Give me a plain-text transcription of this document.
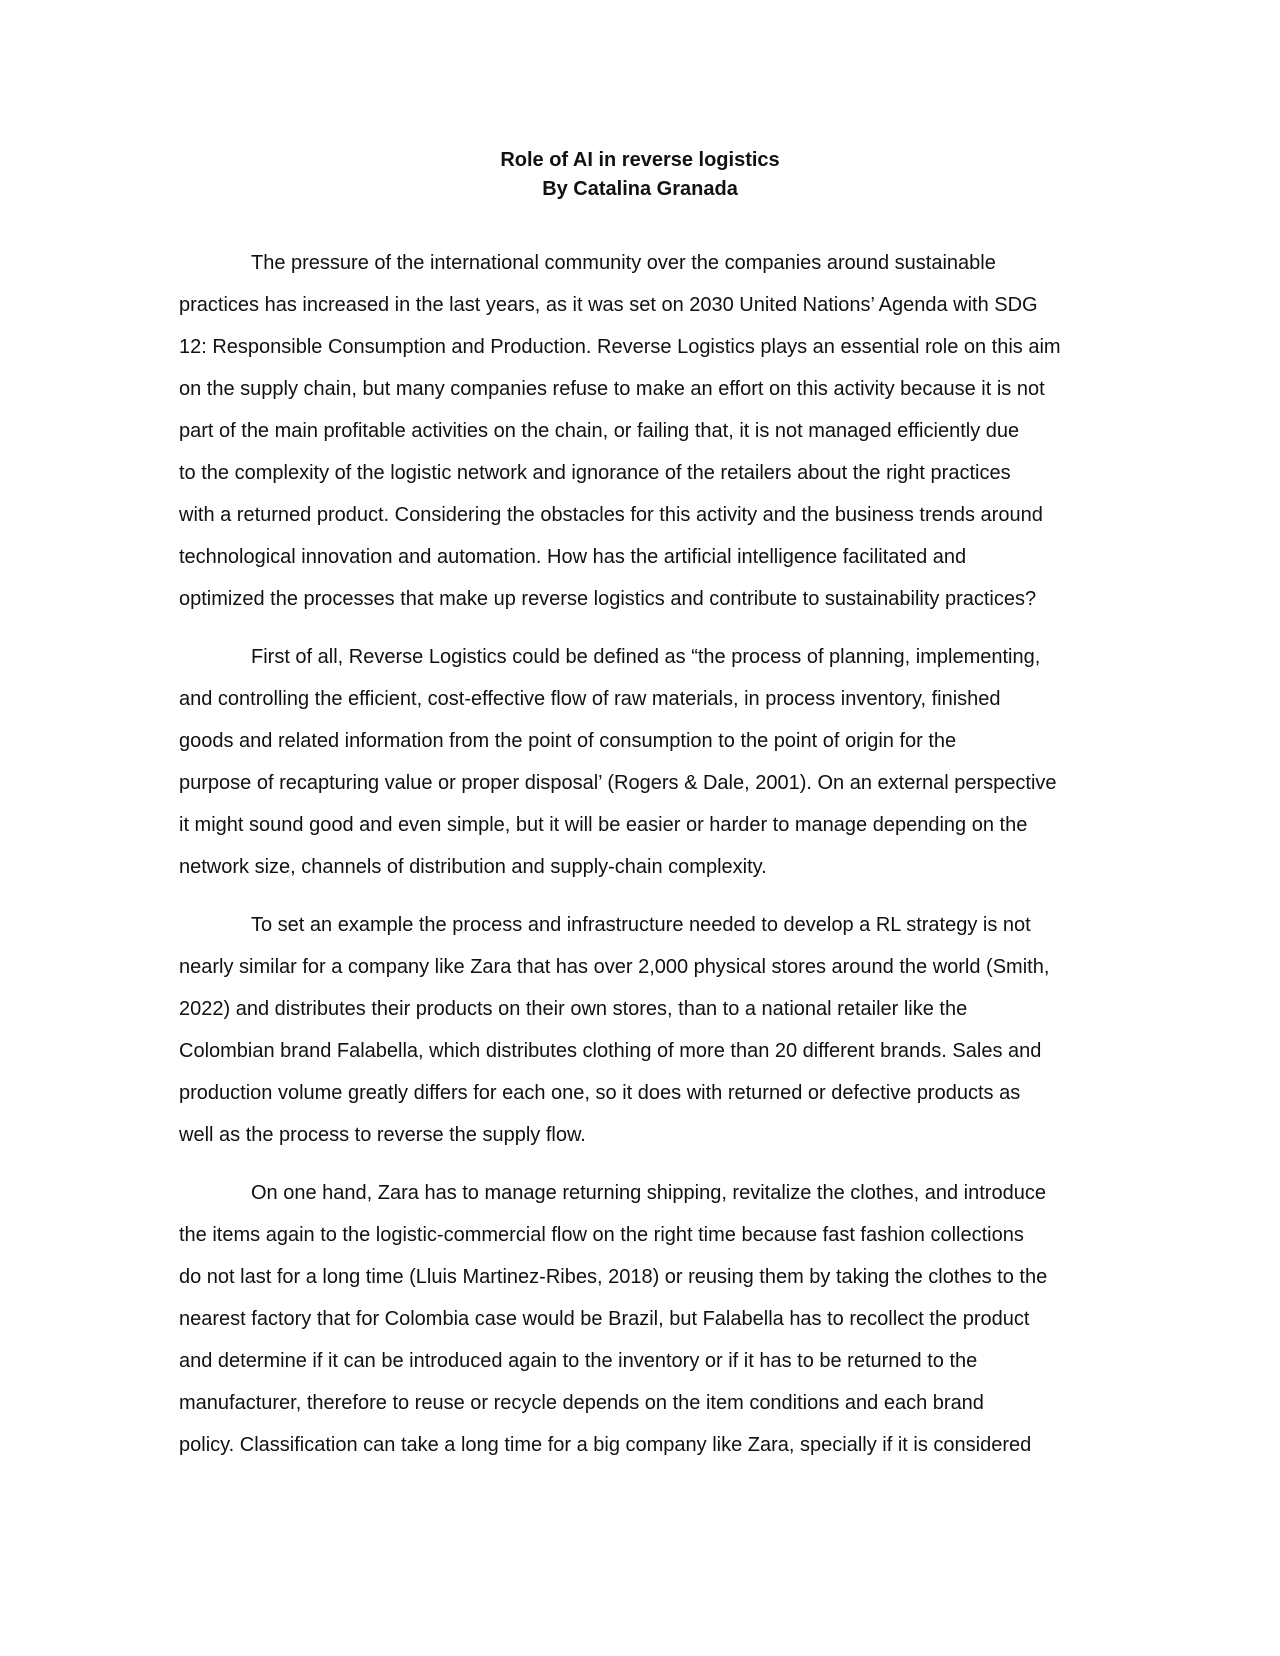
Role of AI in reverse logistics
By Catalina Granada
The pressure of the international community over the companies around sustainable
practices has increased in the last years, as it was set on 2030 United Nations’ Agenda with SDG
12: Responsible Consumption and Production. Reverse Logistics plays an essential role on this aim
on the supply chain, but many companies refuse to make an effort on this activity because it is not
part of the main profitable activities on the chain, or failing that, it is not managed efficiently due
to the complexity of the logistic network and ignorance of the retailers about the right practices
with a returned product. Considering the obstacles for this activity and the business trends around
technological innovation and automation. How has the artificial intelligence facilitated and
optimized the processes that make up reverse logistics and contribute to sustainability practices?
First of all, Reverse Logistics could be defined as “the process of planning, implementing,
and controlling the efficient, cost-effective flow of raw materials, in process inventory, finished
goods and related information from the point of consumption to the point of origin for the
purpose of recapturing value or proper disposal’ (Rogers & Dale, 2001). On an external perspective
it might sound good and even simple, but it will be easier or harder to manage depending on the
network size, channels of distribution and supply-chain complexity.
To set an example the process and infrastructure needed to develop a RL strategy is not
nearly similar for a company like Zara that has over 2,000 physical stores around the world (Smith,
2022) and distributes their products on their own stores, than to a national retailer like the
Colombian brand Falabella, which distributes clothing of more than 20 different brands. Sales and
production volume greatly differs for each one, so it does with returned or defective products as
well as the process to reverse the supply flow.
On one hand, Zara has to manage returning shipping, revitalize the clothes, and introduce
the items again to the logistic-commercial flow on the right time because fast fashion collections
do not last for a long time (Lluis Martinez-Ribes, 2018) or reusing them by taking the clothes to the
nearest factory that for Colombia case would be Brazil, but Falabella has to recollect the product
and determine if it can be introduced again to the inventory or if it has to be returned to the
manufacturer, therefore to reuse or recycle depends on the item conditions and each brand
policy. Classification can take a long time for a big company like Zara, specially if it is considered
